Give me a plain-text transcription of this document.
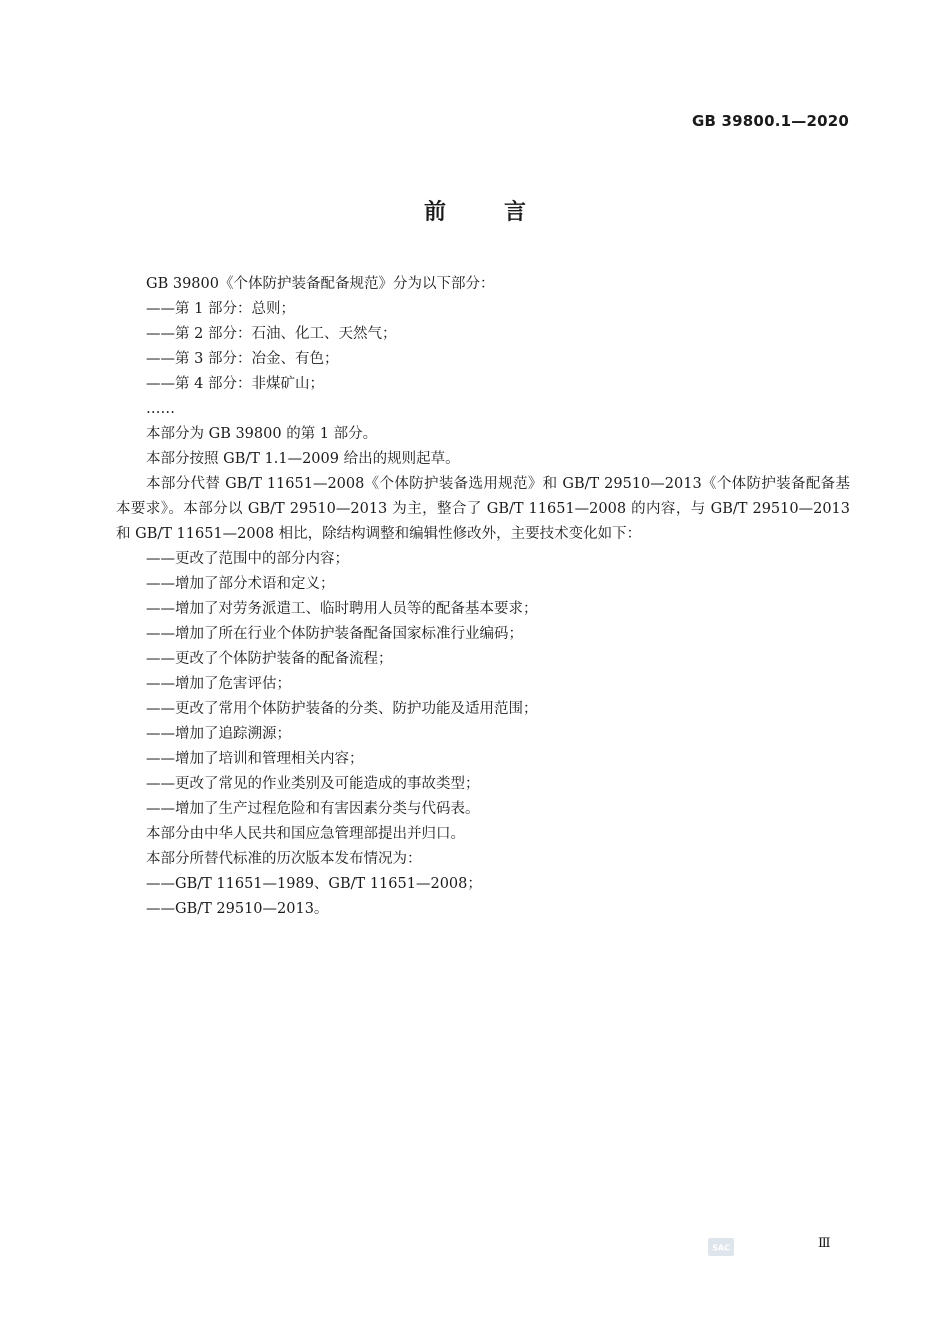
GB 39800.1—2020
前言

GB 39800《个体防护装备配备规范》分为以下部分：

——第 1 部分：总则；

——第 2 部分：石油、化工、天然气；

——第 3 部分：冶金、有色；

——第 4 部分：非煤矿山；

……

本部分为 GB 39800 的第 1 部分。

本部分按照 GB/T 1.1—2009 给出的规则起草。

本部分代替 GB/T 11651—2008《个体防护装备选用规范》和 GB/T 29510—2013《个体防护装备配备基本要求》。本部分以 GB/T 29510—2013 为主，整合了 GB/T 11651—2008 的内容，与 GB/T 29510—2013 和 GB/T 11651—2008 相比，除结构调整和编辑性修改外，主要技术变化如下：

——更改了范围中的部分内容；

——增加了部分术语和定义；

——增加了对劳务派遣工、临时聘用人员等的配备基本要求；

——增加了所在行业个体防护装备配备国家标准行业编码；

——更改了个体防护装备的配备流程；

——增加了危害评估；

——更改了常用个体防护装备的分类、防护功能及适用范围；

——增加了追踪溯源；

——增加了培训和管理相关内容；

——更改了常见的作业类别及可能造成的事故类型；

——增加了生产过程危险和有害因素分类与代码表。

本部分由中华人民共和国应急管理部提出并归口。

本部分所替代标准的历次版本发布情况为：

——GB/T 11651—1989、GB/T 11651—2008；

——GB/T 29510—2013。

SAC	Ⅲ
